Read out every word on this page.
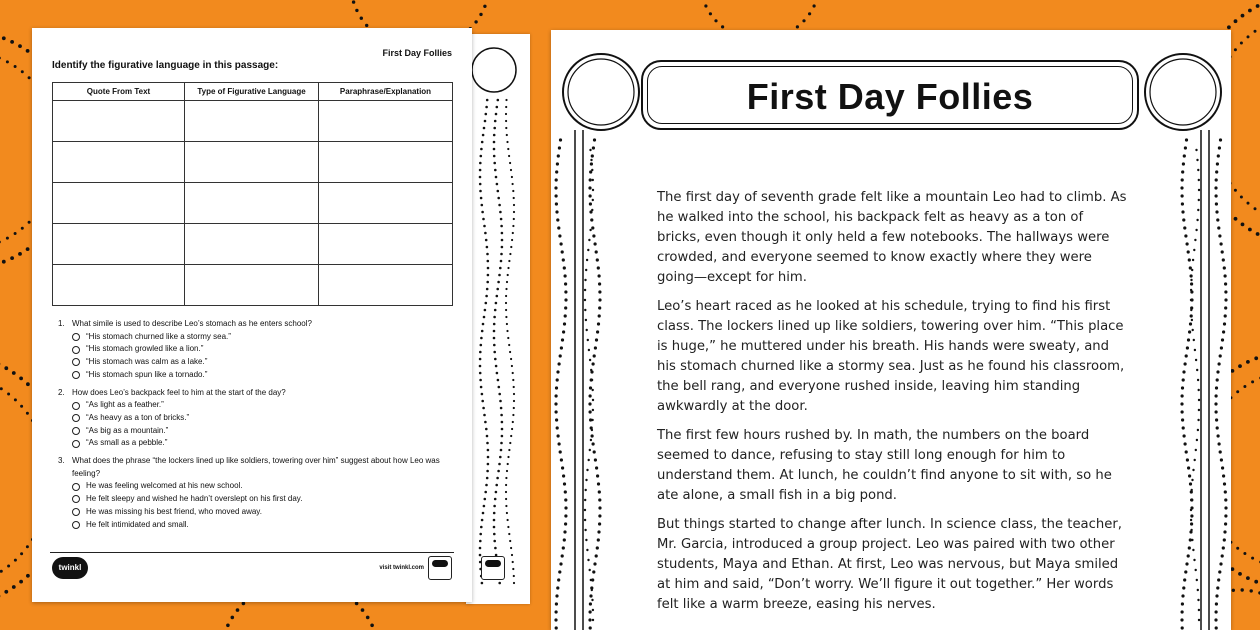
First Day Follies
Identify the figurative language in this passage:
Quote From Text	Type of Figurative Language	Paraphrase/Explanation

1. What simile is used to describe Leo’s stomach as he enters school?
“His stomach churned like a stormy sea.”
“His stomach growled like a lion.”
“His stomach was calm as a lake.”
“His stomach spun like a tornado.”
2. How does Leo’s backpack feel to him at the start of the day?
“As light as a feather.”
“As heavy as a ton of bricks.”
“As big as a mountain.”
“As small as a pebble.”
3. What does the phrase “the lockers lined up like soldiers, towering over him” suggest about how Leo was feeling?
He was feeling welcomed at his new school.
He felt sleepy and wished he hadn’t overslept on his first day.
He was missing his best friend, who moved away.
He felt intimidated and small.
twinkl	visit twinkl.com
First Day Follies

The first day of seventh grade felt like a mountain Leo had to climb. As he walked into the school, his backpack felt as heavy as a ton of bricks, even though it only held a few notebooks. The hallways were crowded, and everyone seemed to know exactly where they were going—except for him.

Leo’s heart raced as he looked at his schedule, trying to find his first class. The lockers lined up like soldiers, towering over him. “This place is huge,” he muttered under his breath. His hands were sweaty, and his stomach churned like a stormy sea. Just as he found his classroom, the bell rang, and everyone rushed inside, leaving him standing awkwardly at the door.

The first few hours rushed by. In math, the numbers on the board seemed to dance, refusing to stay still long enough for him to understand them. At lunch, he couldn’t find anyone to sit with, so he ate alone, a small fish in a big pond.

But things started to change after lunch. In science class, the teacher, Mr. Garcia, introduced a group project. Leo was paired with two other students, Maya and Ethan. At first, Leo was nervous, but Maya smiled at him and said, “Don’t worry. We’ll figure it out together.” Her words felt like a warm breeze, easing his nerves.
